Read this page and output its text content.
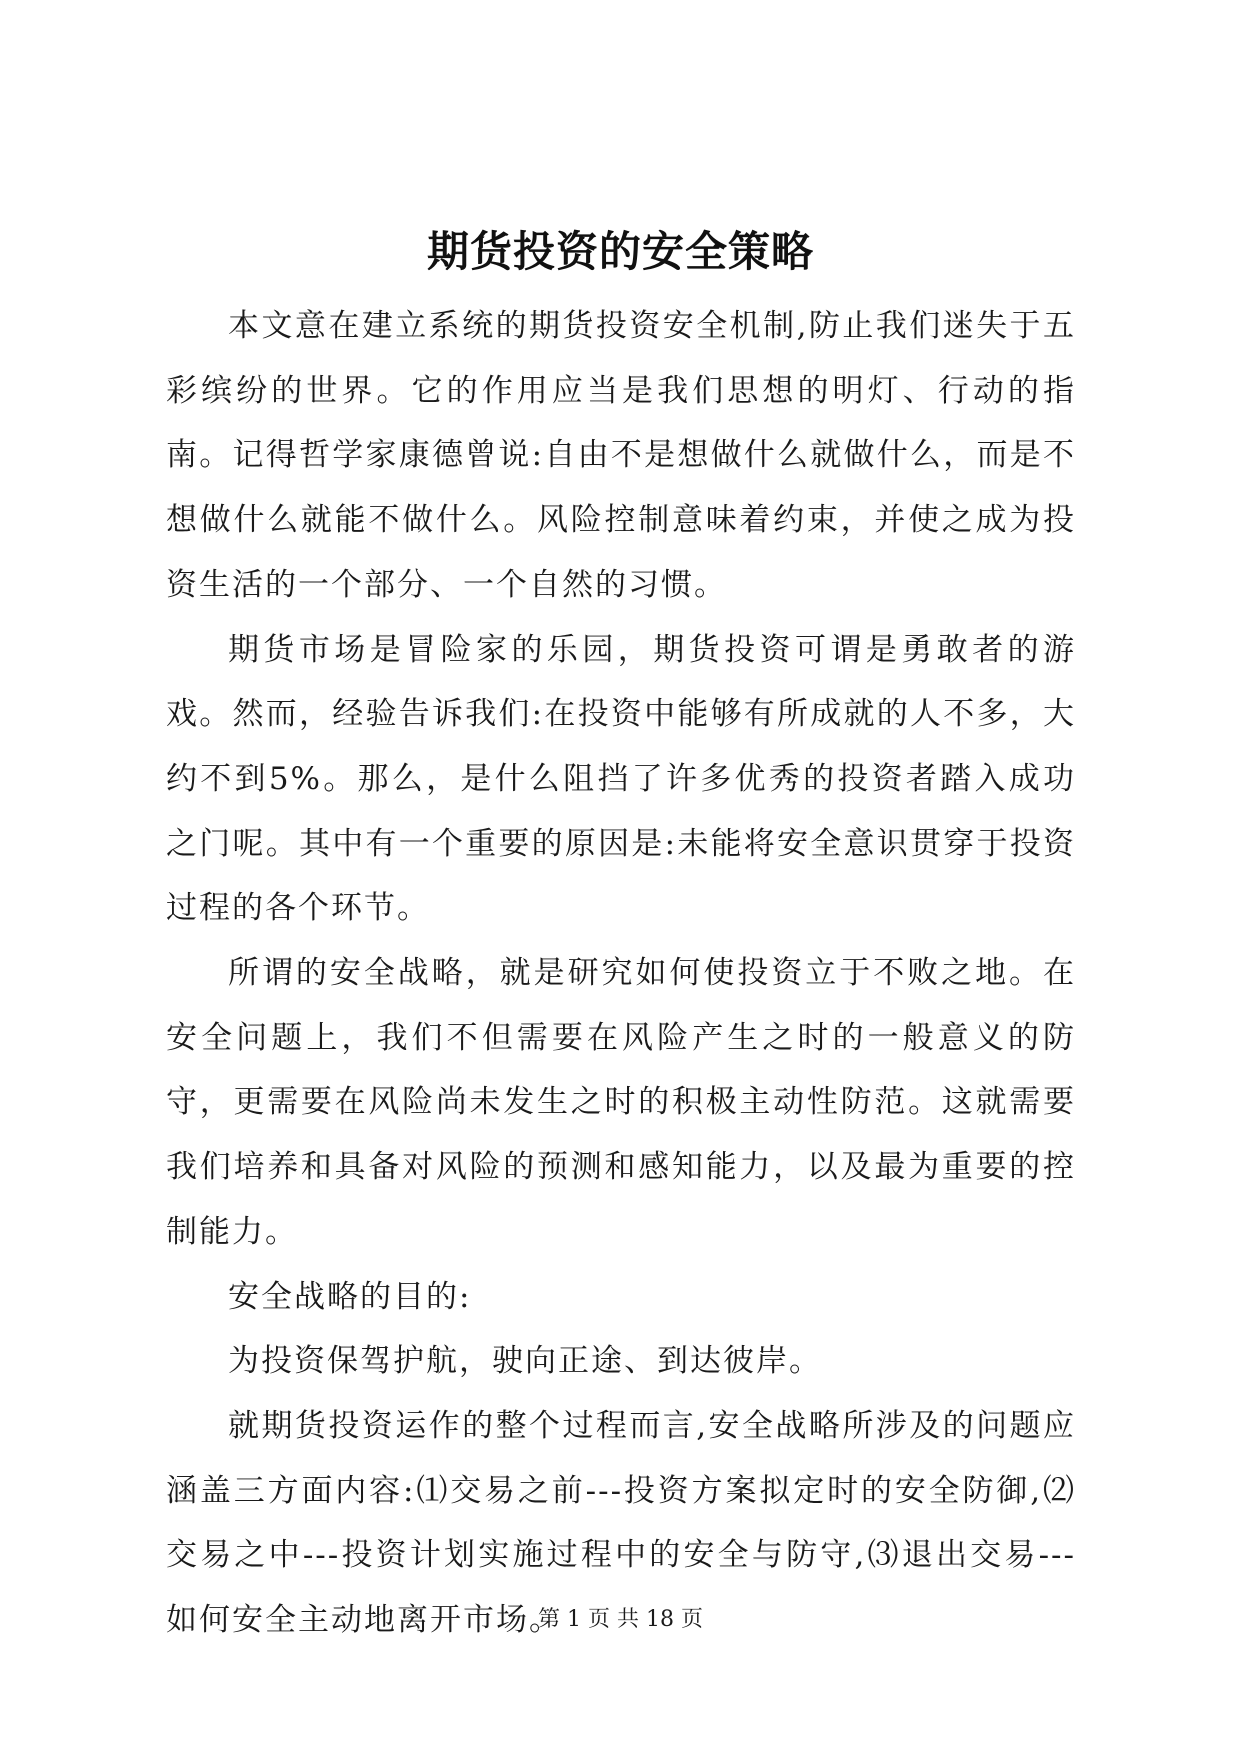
期货投资的安全策略

本文意在建立系统的期货投资安全机制,防止我们迷失于五彩缤纷的世界。它的作用应当是我们思想的明灯、行动的指南。记得哲学家康德曾说:自由不是想做什么就做什么，而是不想做什么就能不做什么。风险控制意味着约束，并使之成为投资生活的一个部分、一个自然的习惯。

期货市场是冒险家的乐园，期货投资可谓是勇敢者的游戏。然而，经验告诉我们:在投资中能够有所成就的人不多，大约不到5%。那么，是什么阻挡了许多优秀的投资者踏入成功之门呢。其中有一个重要的原因是:未能将安全意识贯穿于投资过程的各个环节。

所谓的安全战略，就是研究如何使投资立于不败之地。在安全问题上，我们不但需要在风险产生之时的一般意义的防守，更需要在风险尚未发生之时的积极主动性防范。这就需要我们培养和具备对风险的预测和感知能力，以及最为重要的控制能力。

安全战略的目的:

为投资保驾护航，驶向正途、到达彼岸。

就期货投资运作的整个过程而言,安全战略所涉及的问题应涵盖三方面内容:⑴交易之前---投资方案拟定时的安全防御,⑵交易之中---投资计划实施过程中的安全与防守,⑶退出交易---如何安全主动地离开市场。

第 1 页 共 18 页
